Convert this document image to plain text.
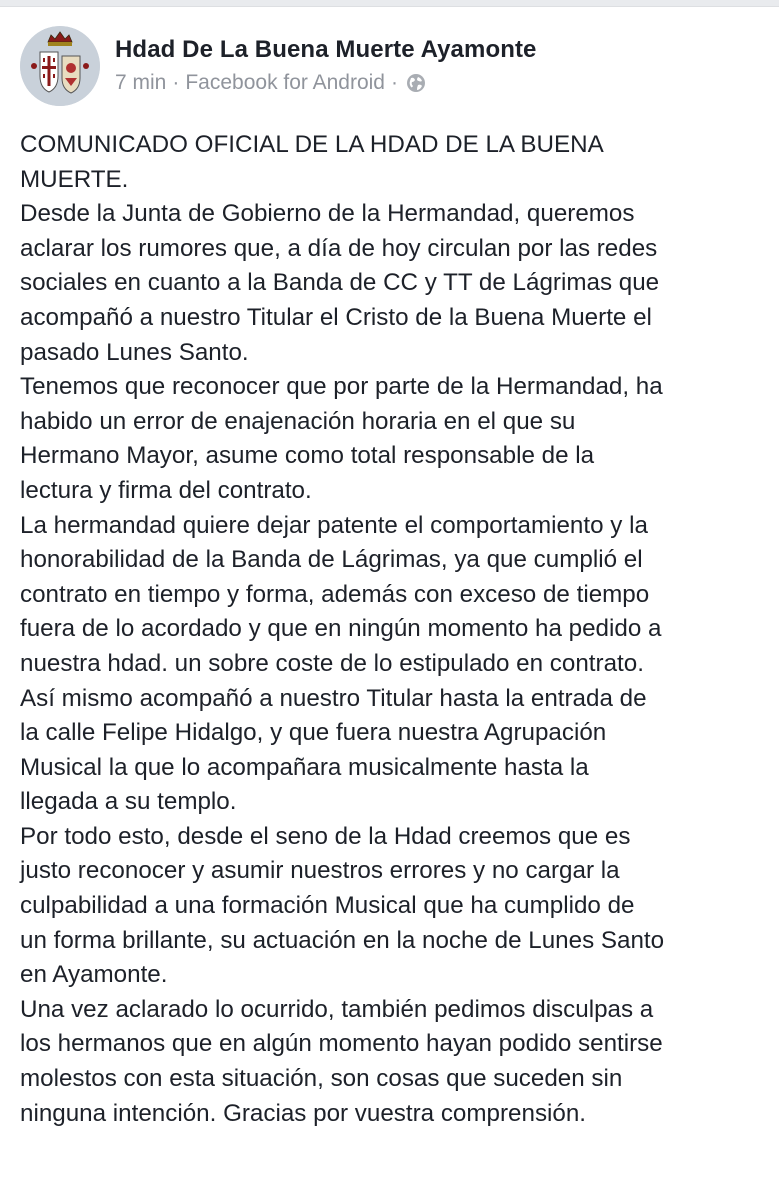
Hdad De La Buena Muerte Ayamonte
7 min · Facebook for Android ·
COMUNICADO OFICIAL DE LA HDAD DE LA BUENA
MUERTE.
Desde la Junta de Gobierno de la Hermandad, queremos
aclarar los rumores que, a día de hoy circulan por las redes
sociales en cuanto a la Banda de CC y TT de Lágrimas que
acompañó a nuestro Titular el Cristo de la Buena Muerte el
pasado Lunes Santo.
Tenemos que reconocer que por parte de la Hermandad, ha
habido un error de enajenación horaria en el que su
Hermano Mayor, asume como total responsable de la
lectura y firma del contrato.
La hermandad quiere dejar patente el comportamiento y la
honorabilidad de la Banda de Lágrimas, ya que cumplió el
contrato en tiempo y forma, además con exceso de tiempo
fuera de lo acordado y que en ningún momento ha pedido a
nuestra hdad. un sobre coste de lo estipulado en contrato.
Así mismo acompañó a nuestro Titular hasta la entrada de
la calle Felipe Hidalgo, y que fuera nuestra Agrupación
Musical la que lo acompañara musicalmente hasta la
llegada a su templo.
Por todo esto, desde el seno de la Hdad creemos que es
justo reconocer y asumir nuestros errores y no cargar la
culpabilidad a una formación Musical que ha cumplido de
un forma brillante, su actuación en la noche de Lunes Santo
en Ayamonte.
Una vez aclarado lo ocurrido, también pedimos disculpas a
los hermanos que en algún momento hayan podido sentirse
molestos con esta situación, son cosas que suceden sin
ninguna intención. Gracias por vuestra comprensión.
